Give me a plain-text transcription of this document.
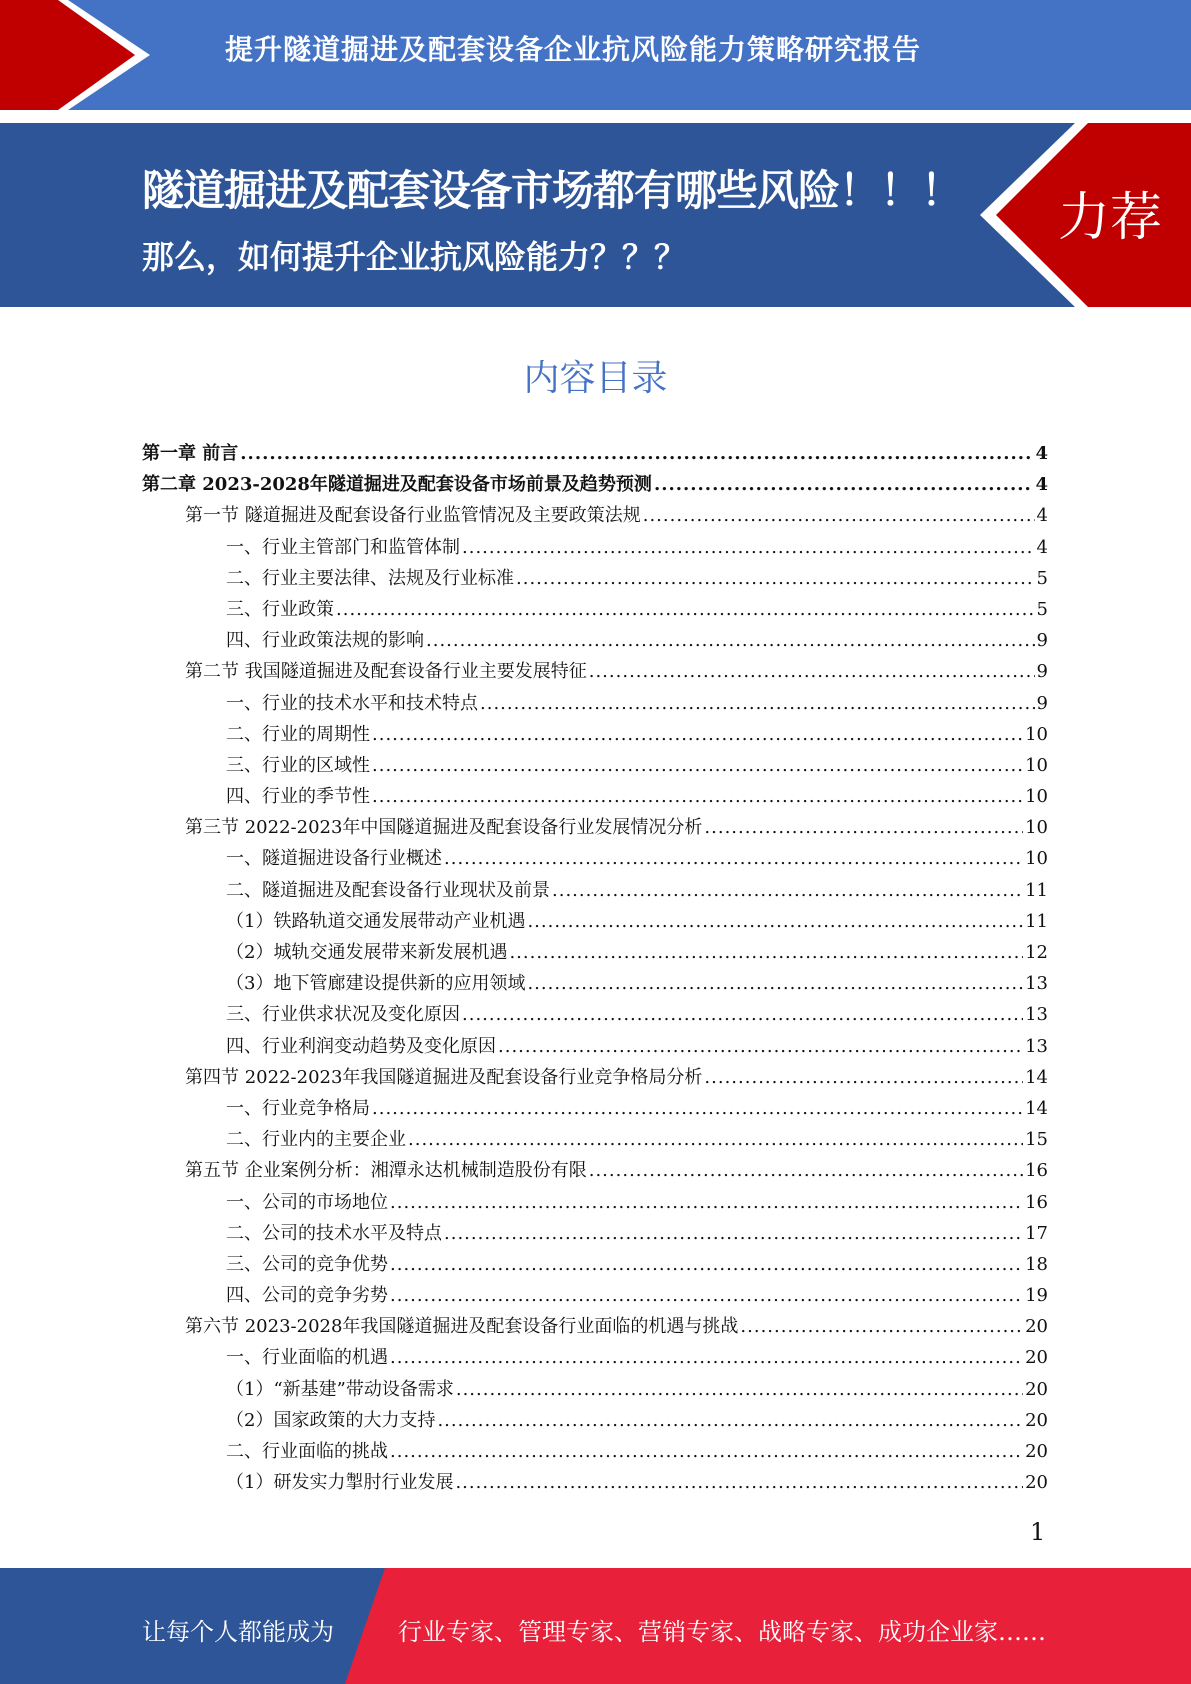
提升隧道掘进及配套设备企业抗风险能力策略研究报告
隧道掘进及配套设备市场都有哪些风险！！！
那么，如何提升企业抗风险能力？？？
力荐
内容目录
第一章 前言 .....	4
第二章 2023-2028年隧道掘进及配套设备市场前景及趋势预测 .....	4
第一节 隧道掘进及配套设备行业监管情况及主要政策法规 .....	4
一、行业主管部门和监管体制 .....	4
二、行业主要法律、法规及行业标准 .....	5
三、行业政策 .....	5
四、行业政策法规的影响 .....	9
第二节 我国隧道掘进及配套设备行业主要发展特征 .....	9
一、行业的技术水平和技术特点 .....	9
二、行业的周期性 .....	10
三、行业的区域性 .....	10
四、行业的季节性 .....	10
第三节 2022-2023年中国隧道掘进及配套设备行业发展情况分析 .....	10
一、隧道掘进设备行业概述 .....	10
二、隧道掘进及配套设备行业现状及前景 .....	11
（1）铁路轨道交通发展带动产业机遇 .....	11
（2）城轨交通发展带来新发展机遇 .....	12
（3）地下管廊建设提供新的应用领域 .....	13
三、行业供求状况及变化原因 .....	13
四、行业利润变动趋势及变化原因 .....	13
第四节 2022-2023年我国隧道掘进及配套设备行业竞争格局分析 .....	14
一、行业竞争格局 .....	14
二、行业内的主要企业 .....	15
第五节 企业案例分析：湘潭永达机械制造股份有限 .....	16
一、公司的市场地位 .....	16
二、公司的技术水平及特点 .....	17
三、公司的竞争优势 .....	18
四、公司的竞争劣势 .....	19
第六节 2023-2028年我国隧道掘进及配套设备行业面临的机遇与挑战 .....	20
一、行业面临的机遇 .....	20
（1）“新基建”带动设备需求 .....	20
（2）国家政策的大力支持 .....	20
二、行业面临的挑战 .....	20
（1）研发实力掣肘行业发展 .....	20
1
让每个人都能成为	行业专家、管理专家、营销专家、战略专家、成功企业家……
